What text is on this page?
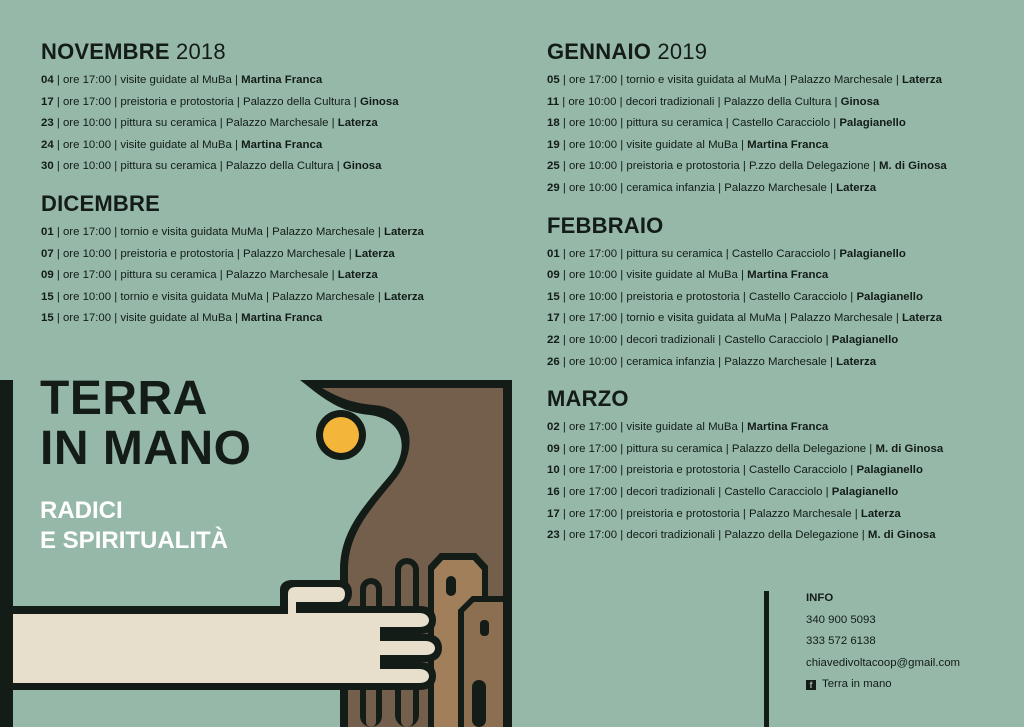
NOVEMBRE 2018
04 | ore 17:00 | visite guidate al MuBa | Martina Franca
17 | ore 17:00 | preistoria e protostoria | Palazzo della Cultura | Ginosa
23 | ore 10:00 | pittura su ceramica | Palazzo Marchesale | Laterza
24 | ore 10:00 | visite guidate al MuBa | Martina Franca
30 | ore 10:00 | pittura su ceramica | Palazzo della Cultura | Ginosa
DICEMBRE
01 | ore 17:00 | tornio e visita guidata MuMa | Palazzo Marchesale | Laterza
07 | ore 10:00 | preistoria e protostoria | Palazzo Marchesale | Laterza
09 | ore 17:00 | pittura su ceramica | Palazzo Marchesale | Laterza
15 | ore 10:00 | tornio e visita guidata MuMa | Palazzo Marchesale | Laterza
15 | ore 17:00 | visite guidate al MuBa | Martina Franca
GENNAIO 2019
05 | ore 17:00 | tornio e visita guidata al MuMa | Palazzo Marchesale | Laterza
11 | ore 10:00 | decori tradizionali | Palazzo della Cultura | Ginosa
18 | ore 10:00 | pittura su ceramica | Castello Caracciolo | Palagianello
19 | ore 10:00 | visite guidate al MuBa | Martina Franca
25 | ore 10:00 | preistoria e protostoria | P.zzo della Delegazione | M. di Ginosa
29 | ore 10:00 | ceramica infanzia | Palazzo Marchesale | Laterza
FEBBRAIO
01 | ore 17:00 | pittura su ceramica | Castello Caracciolo | Palagianello
09 | ore 10:00 | visite guidate al MuBa | Martina Franca
15 | ore 10:00 | preistoria e protostoria | Castello Caracciolo | Palagianello
17 | ore 17:00 | tornio e visita guidata al MuMa | Palazzo Marchesale | Laterza
22 | ore 10:00 | decori tradizionali | Castello Caracciolo | Palagianello
26 | ore 10:00 | ceramica infanzia | Palazzo Marchesale | Laterza
MARZO
02 | ore 17:00 | visite guidate al MuBa | Martina Franca
09 | ore 17:00 | pittura su ceramica | Palazzo della Delegazione | M. di Ginosa
10 | ore 17:00 | preistoria e protostoria | Castello Caracciolo | Palagianello
16 | ore 17:00 | decori tradizionali | Castello Caracciolo | Palagianello
17 | ore 17:00 | preistoria e protostoria | Palazzo Marchesale | Laterza
23 | ore 17:00 | decori tradizionali | Palazzo della Delegazione | M. di Ginosa
TERRA
IN MANO
RADICI
E SPIRITUALITÀ
INFO
340 900 5093
333 572 6138
chiavedivoltacoop@gmail.com
f Terra in mano
